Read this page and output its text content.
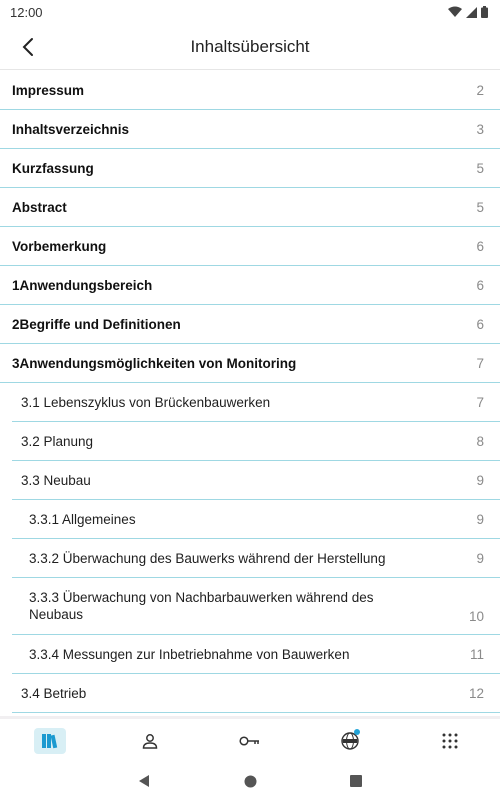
12:00
Inhaltsübersicht
Impressum	2
Inhaltsverzeichnis	3
Kurzfassung	5
Abstract	5
Vorbemerkung	6
1Anwendungsbereich	6
2Begriffe und Definitionen	6
3Anwendungsmöglichkeiten von Monitoring	7
3.1 Lebenszyklus von Brückenbauwerken	7
3.2 Planung	8
3.3 Neubau	9
3.3.1 Allgemeines	9
3.3.2 Überwachung des Bauwerks während der Herstellung	9
3.3.3 Überwachung von Nachbarbauwerken während des Neubaus	10
3.3.4 Messungen zur Inbetriebnahme von Bauwerken	11
3.4 Betrieb	12
